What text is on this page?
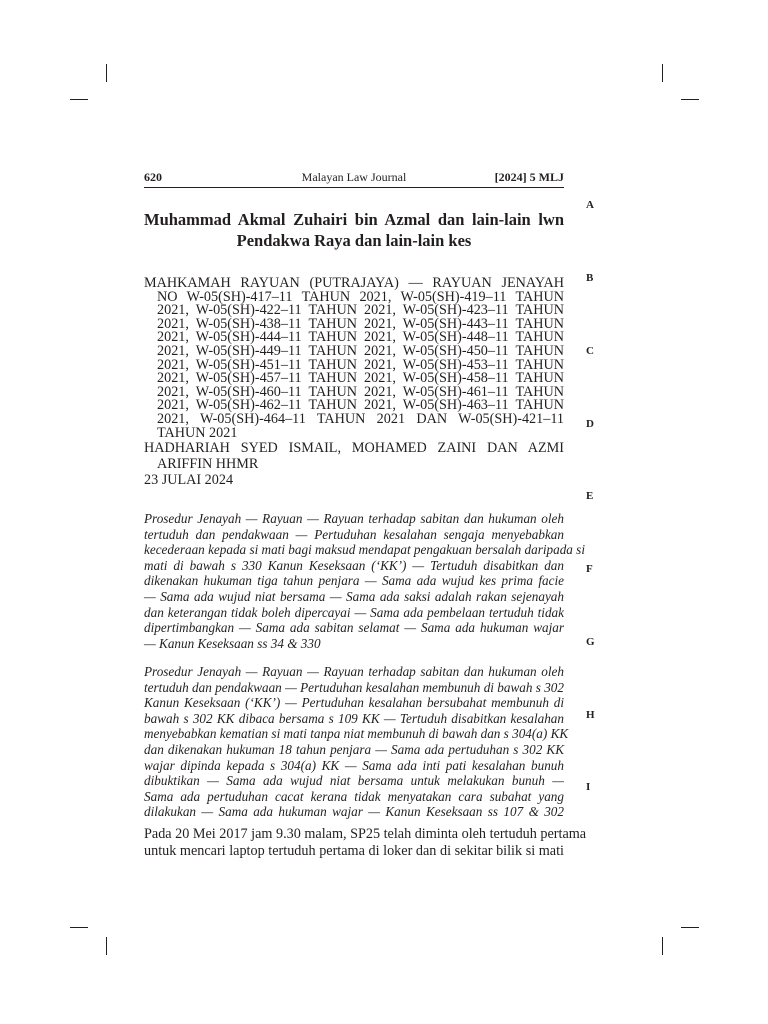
620	Malayan Law Journal	[2024] 5 MLJ
Muhammad Akmal Zuhairi bin Azmal dan lain-lain lwn
Pendakwa Raya dan lain-lain kes
MAHKAMAH RAYUAN (PUTRAJAYA) — RAYUAN JENAYAH
NO W-05(SH)-417–11 TAHUN 2021, W-05(SH)-419–11 TAHUN
2021, W-05(SH)-422–11 TAHUN 2021, W-05(SH)-423–11 TAHUN
2021, W-05(SH)-438–11 TAHUN 2021, W-05(SH)-443–11 TAHUN
2021, W-05(SH)-444–11 TAHUN 2021, W-05(SH)-448–11 TAHUN
2021, W-05(SH)-449–11 TAHUN 2021, W-05(SH)-450–11 TAHUN
2021, W-05(SH)-451–11 TAHUN 2021, W-05(SH)-453–11 TAHUN
2021, W-05(SH)-457–11 TAHUN 2021, W-05(SH)-458–11 TAHUN
2021, W-05(SH)-460–11 TAHUN 2021, W-05(SH)-461–11 TAHUN
2021, W-05(SH)-462–11 TAHUN 2021, W-05(SH)-463–11 TAHUN
2021, W-05(SH)-464–11 TAHUN 2021 DAN W-05(SH)-421–11
TAHUN 2021
HADHARIAH SYED ISMAIL, MOHAMED ZAINI DAN AZMI
ARIFFIN HHMR
23 JULAI 2024
Prosedur Jenayah — Rayuan — Rayuan terhadap sabitan dan hukuman oleh
tertuduh dan pendakwaan — Pertuduhan kesalahan sengaja menyebabkan
kecederaan kepada si mati bagi maksud mendapat pengakuan bersalah daripada si
mati di bawah s 330 Kanun Keseksaan (‘KK’) — Tertuduh disabitkan dan
dikenakan hukuman tiga tahun penjara — Sama ada wujud kes prima facie
— Sama ada wujud niat bersama — Sama ada saksi adalah rakan sejenayah
dan keterangan tidak boleh dipercayai — Sama ada pembelaan tertuduh tidak
dipertimbangkan — Sama ada sabitan selamat — Sama ada hukuman wajar
— Kanun Keseksaan ss 34 & 330
Prosedur Jenayah — Rayuan — Rayuan terhadap sabitan dan hukuman oleh
tertuduh dan pendakwaan — Pertuduhan kesalahan membunuh di bawah s 302
Kanun Keseksaan (‘KK’) — Pertuduhan kesalahan bersubahat membunuh di
bawah s 302 KK dibaca bersama s 109 KK — Tertuduh disabitkan kesalahan
menyebabkan kematian si mati tanpa niat membunuh di bawah dan s 304(a) KK
dan dikenakan hukuman 18 tahun penjara — Sama ada pertuduhan s 302 KK
wajar dipinda kepada s 304(a) KK — Sama ada inti pati kesalahan bunuh
dibuktikan — Sama ada wujud niat bersama untuk melakukan bunuh —
Sama ada pertuduhan cacat kerana tidak menyatakan cara subahat yang
dilakukan — Sama ada hukuman wajar — Kanun Keseksaan ss 107 & 302
Pada 20 Mei 2017 jam 9.30 malam, SP25 telah diminta oleh tertuduh pertama
untuk mencari laptop tertuduh pertama di loker dan di sekitar bilik si mati
A
B
C
D
E
F
G
H
I
